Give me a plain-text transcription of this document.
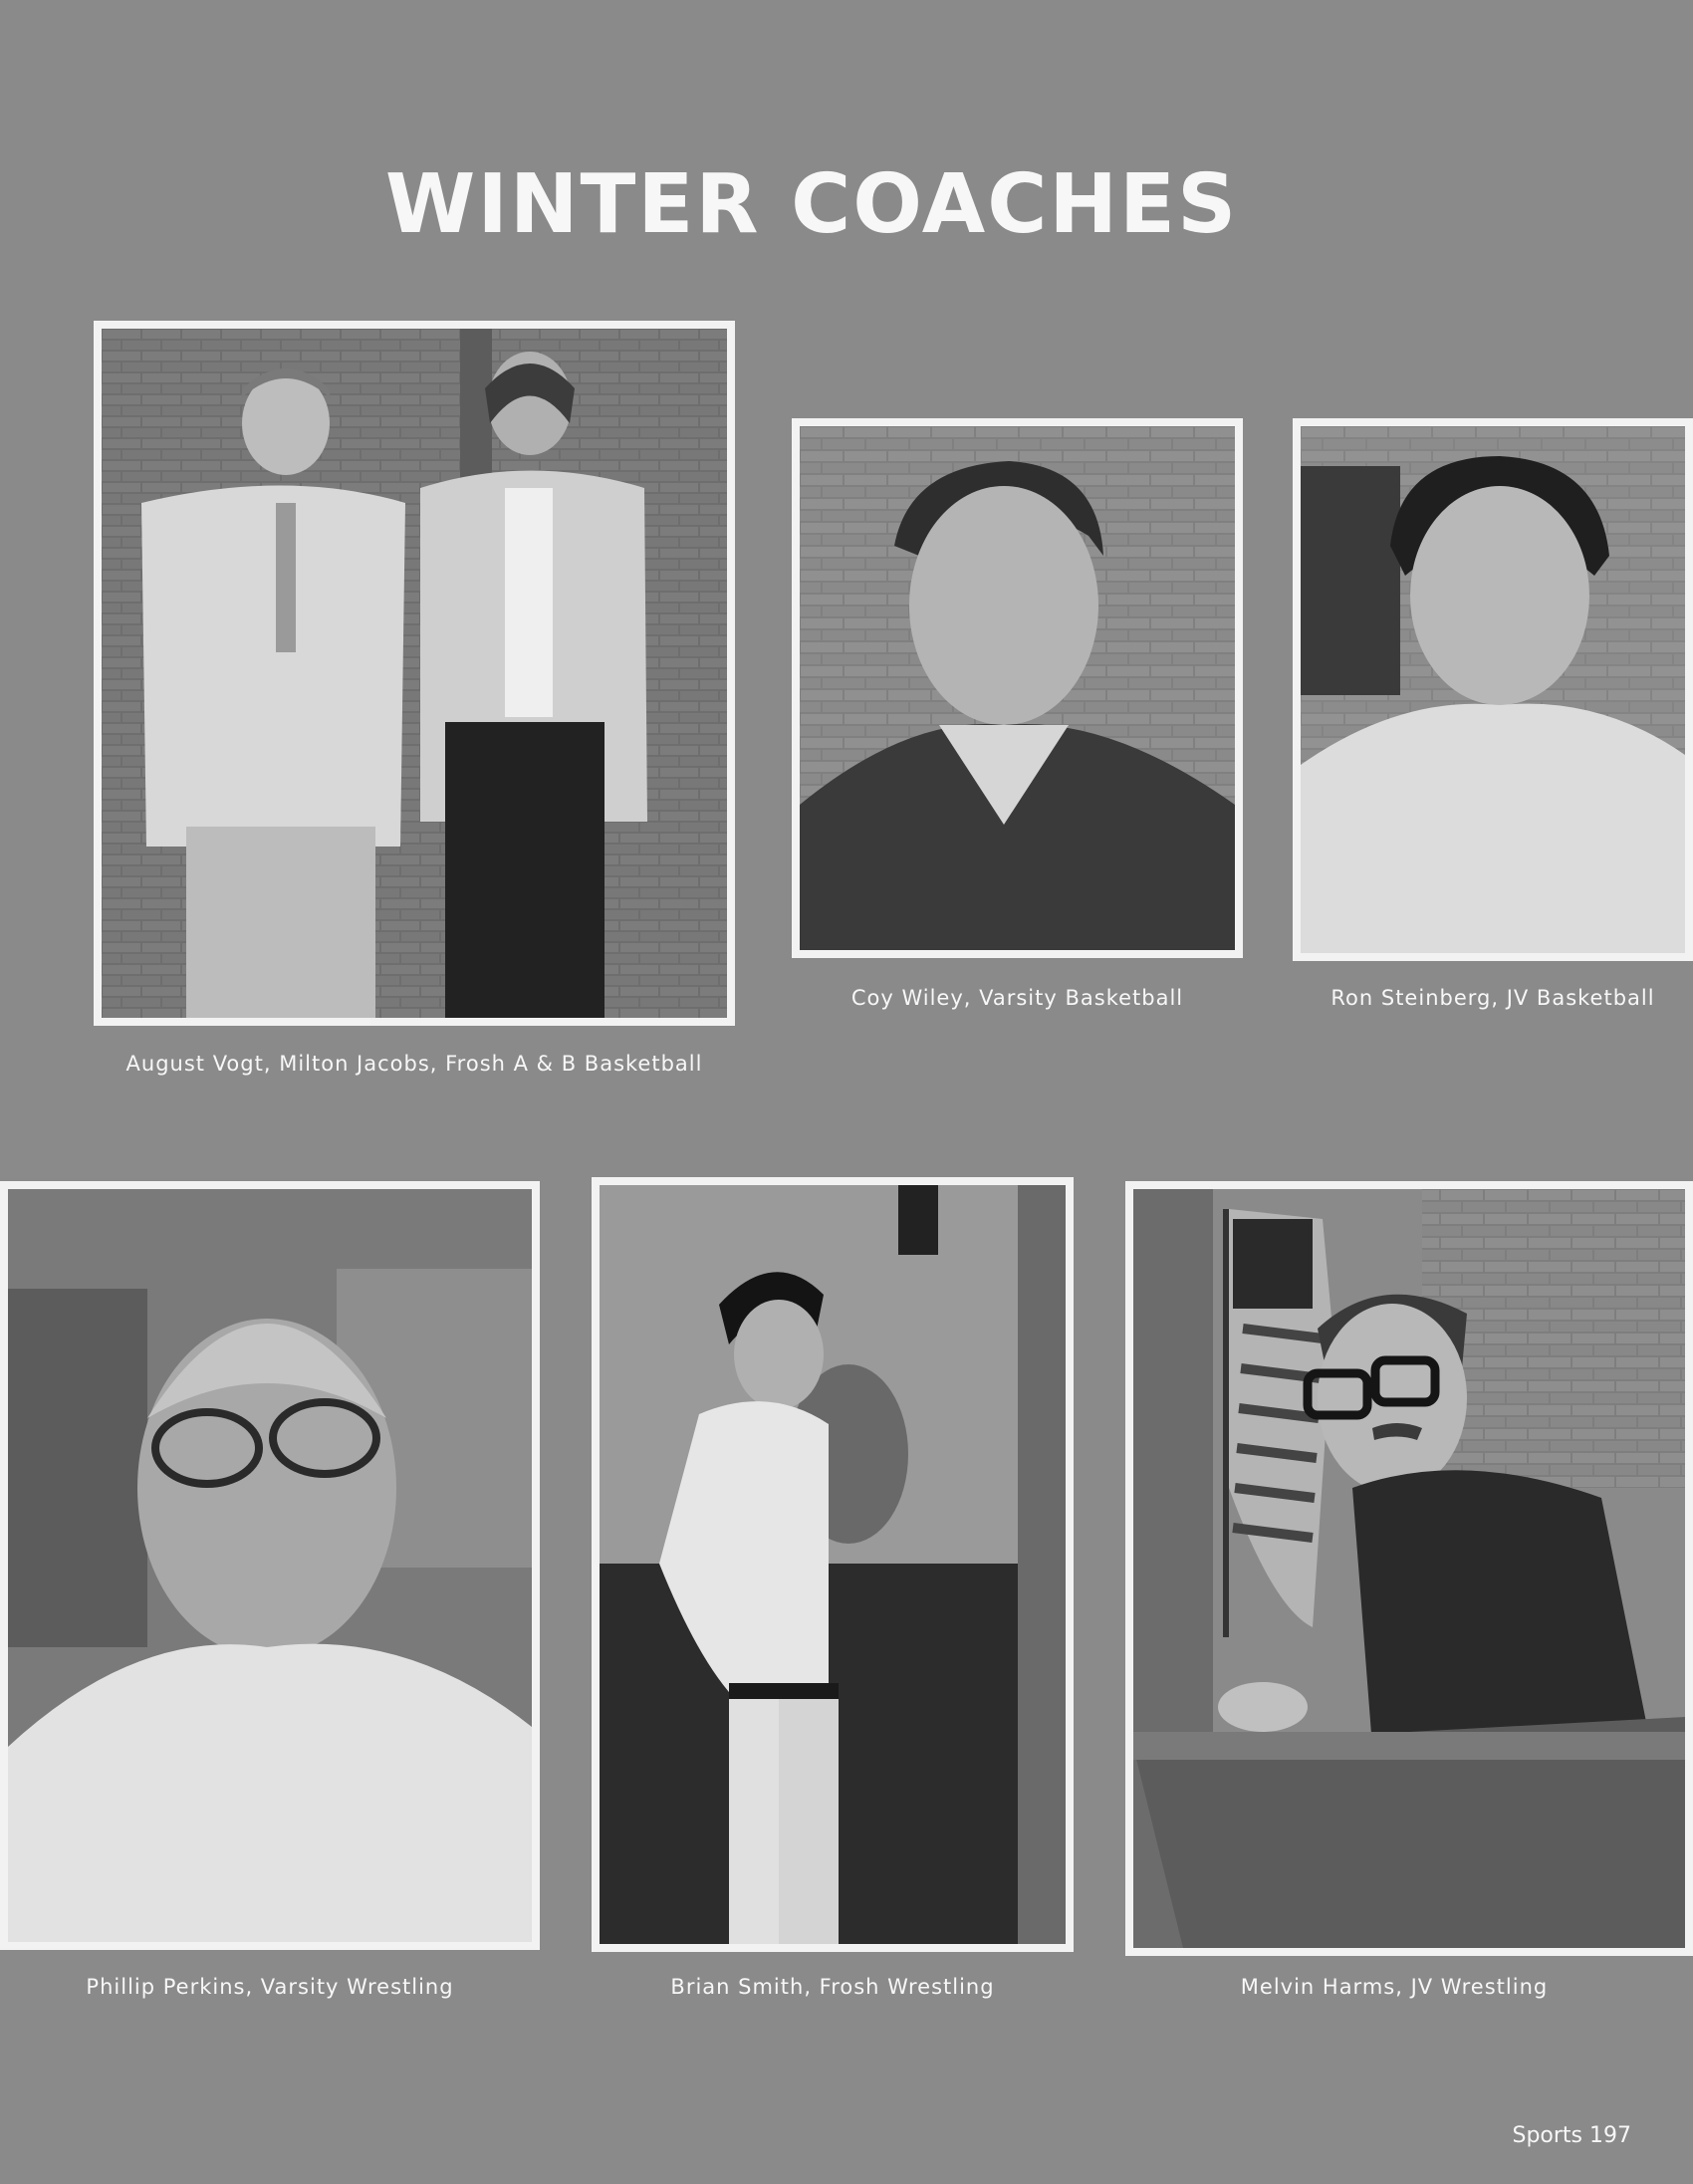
WINTER COACHES
August Vogt, Milton Jacobs, Frosh A & B Basketball
Coy Wiley, Varsity Basketball	Ron Steinberg, JV Basketball
Phillip Perkins, Varsity Wrestling	Brian Smith, Frosh Wrestling	Melvin Harms, JV Wrestling
Sports 197
